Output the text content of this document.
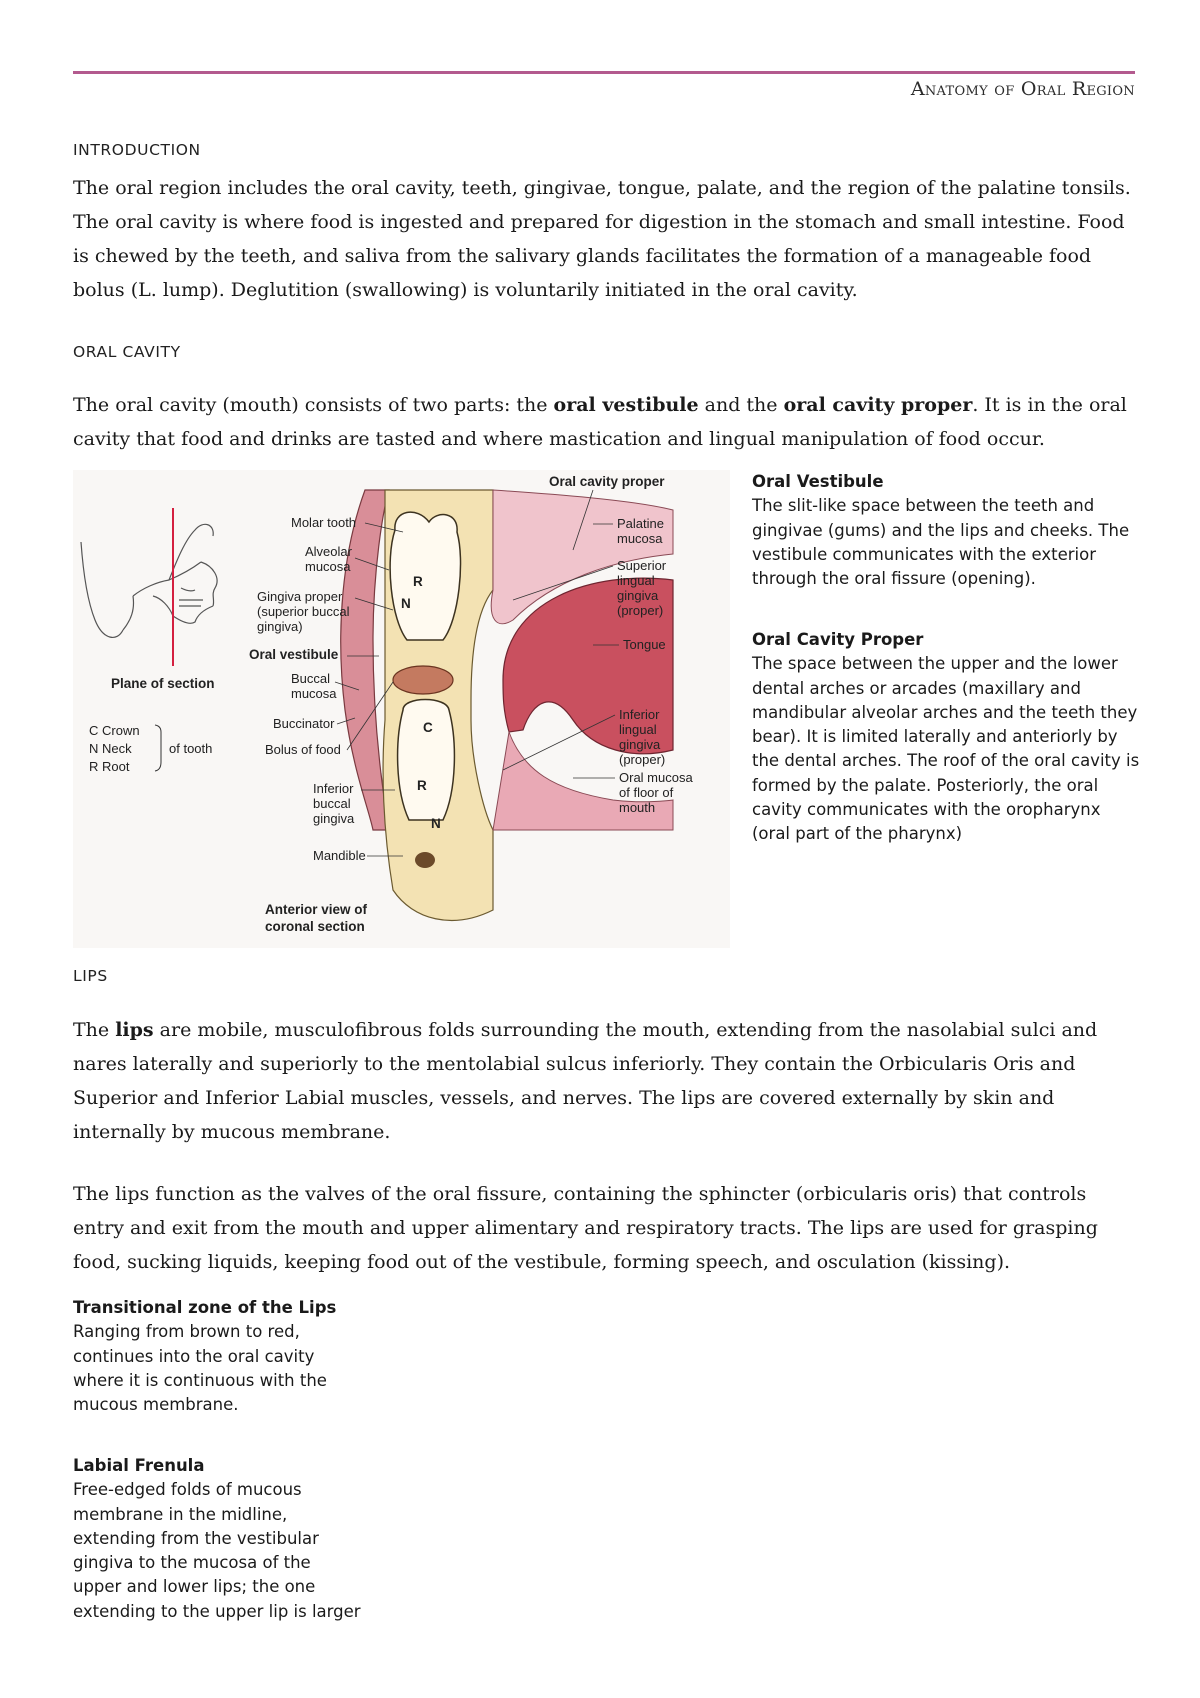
Anatomy of Oral Region
INTRODUCTION
The oral region includes the oral cavity, teeth, gingivae, tongue, palate, and the region of the palatine tonsils. The oral cavity is where food is ingested and prepared for digestion in the stomach and small intestine. Food is chewed by the teeth, and saliva from the salivary glands facilitates the formation of a manageable food bolus (L. lump). Deglutition (swallowing) is voluntarily initiated in the oral cavity.
ORAL CAVITY
The oral cavity (mouth) consists of two parts: the oral vestibule and the oral cavity proper. It is in the oral cavity that food and drinks are tasted and where mastication and lingual manipulation of food occur.
Plane of section
C Crown
N Neck
R Root
of tooth
N
R
N
C
R
Molar tooth
Alveolar
mucosa
Gingiva proper
(superior buccal
gingiva)
Oral vestibule
Buccal
mucosa
Buccinator
Bolus of food
Inferior
buccal
gingiva
Mandible
Anterior view of
coronal section
Oral cavity proper
Palatine
mucosa
Superior
lingual
gingiva
(proper)
Tongue
Inferior
lingual
gingiva
(proper)
Oral mucosa
of floor of
mouth
Oral Vestibule
The slit-like space between the teeth and gingivae (gums) and the lips and cheeks. The vestibule communicates with the exterior through the oral fissure (opening).
Oral Cavity Proper
The space between the upper and the lower dental arches or arcades (maxillary and mandibular alveolar arches and the teeth they bear). It is limited laterally and anteriorly by the dental arches. The roof of the oral cavity is formed by the palate. Posteriorly, the oral cavity communicates with the oropharynx (oral part of the pharynx)
LIPS
The lips are mobile, musculofibrous folds surrounding the mouth, extending from the nasolabial sulci and nares laterally and superiorly to the mentolabial sulcus inferiorly. They contain the Orbicularis Oris and Superior and Inferior Labial muscles, vessels, and nerves. The lips are covered externally by skin and internally by mucous membrane.
The lips function as the valves of the oral fissure, containing the sphincter (orbicularis oris) that controls entry and exit from the mouth and upper alimentary and respiratory tracts. The lips are used for grasping food, sucking liquids, keeping food out of the vestibule, forming speech, and osculation (kissing).
Transitional zone of the Lips
Ranging from brown to red, continues into the oral cavity where it is continuous with the mucous membrane.
Labial Frenula
Free-edged folds of mucous membrane in the midline, extending from the vestibular gingiva to the mucosa of the upper and lower lips; the one extending to the upper lip is larger
